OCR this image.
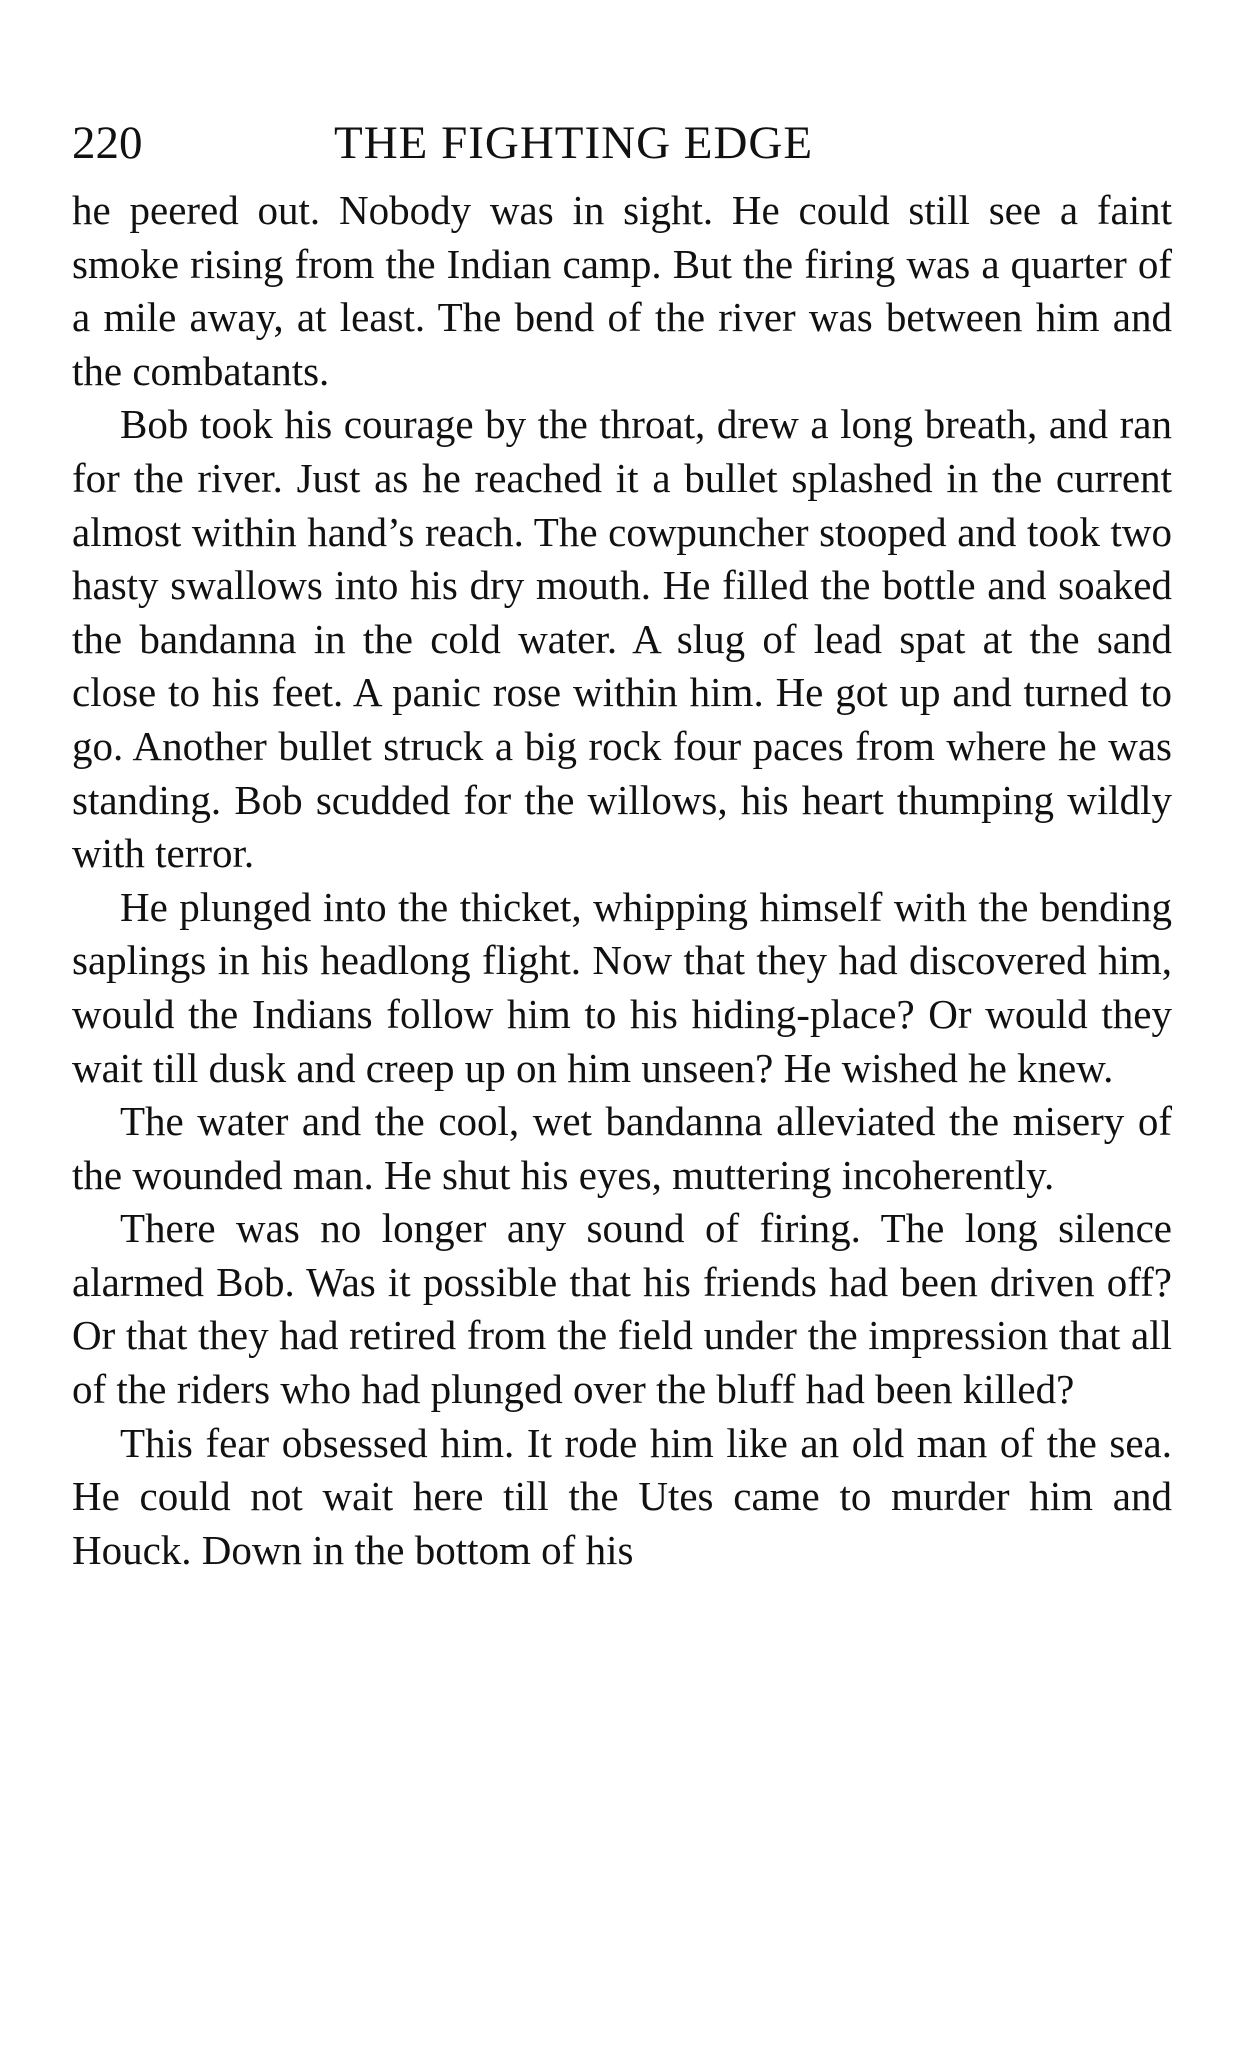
220	THE FIGHTING EDGE

he peered out. Nobody was in sight. He could still see a faint smoke rising from the Indian camp. But the firing was a quarter of a mile away, at least. The bend of the river was between him and the combatants.

Bob took his courage by the throat, drew a long breath, and ran for the river. Just as he reached it a bullet splashed in the current almost within hand’s reach. The cowpuncher stooped and took two hasty swallows into his dry mouth. He filled the bottle and soaked the bandanna in the cold water. A slug of lead spat at the sand close to his feet. A panic rose within him. He got up and turned to go. Another bullet struck a big rock four paces from where he was standing. Bob scudded for the willows, his heart thumping wildly with terror.

He plunged into the thicket, whipping himself with the bending saplings in his headlong flight. Now that they had discovered him, would the Indians follow him to his hiding-place? Or would they wait till dusk and creep up on him unseen? He wished he knew.

The water and the cool, wet bandanna alleviated the misery of the wounded man. He shut his eyes, muttering incoherently.

There was no longer any sound of firing. The long silence alarmed Bob. Was it possible that his friends had been driven off? Or that they had retired from the field under the impression that all of the riders who had plunged over the bluff had been killed?

This fear obsessed him. It rode him like an old man of the sea. He could not wait here till the Utes came to murder him and Houck. Down in the bottom of his
